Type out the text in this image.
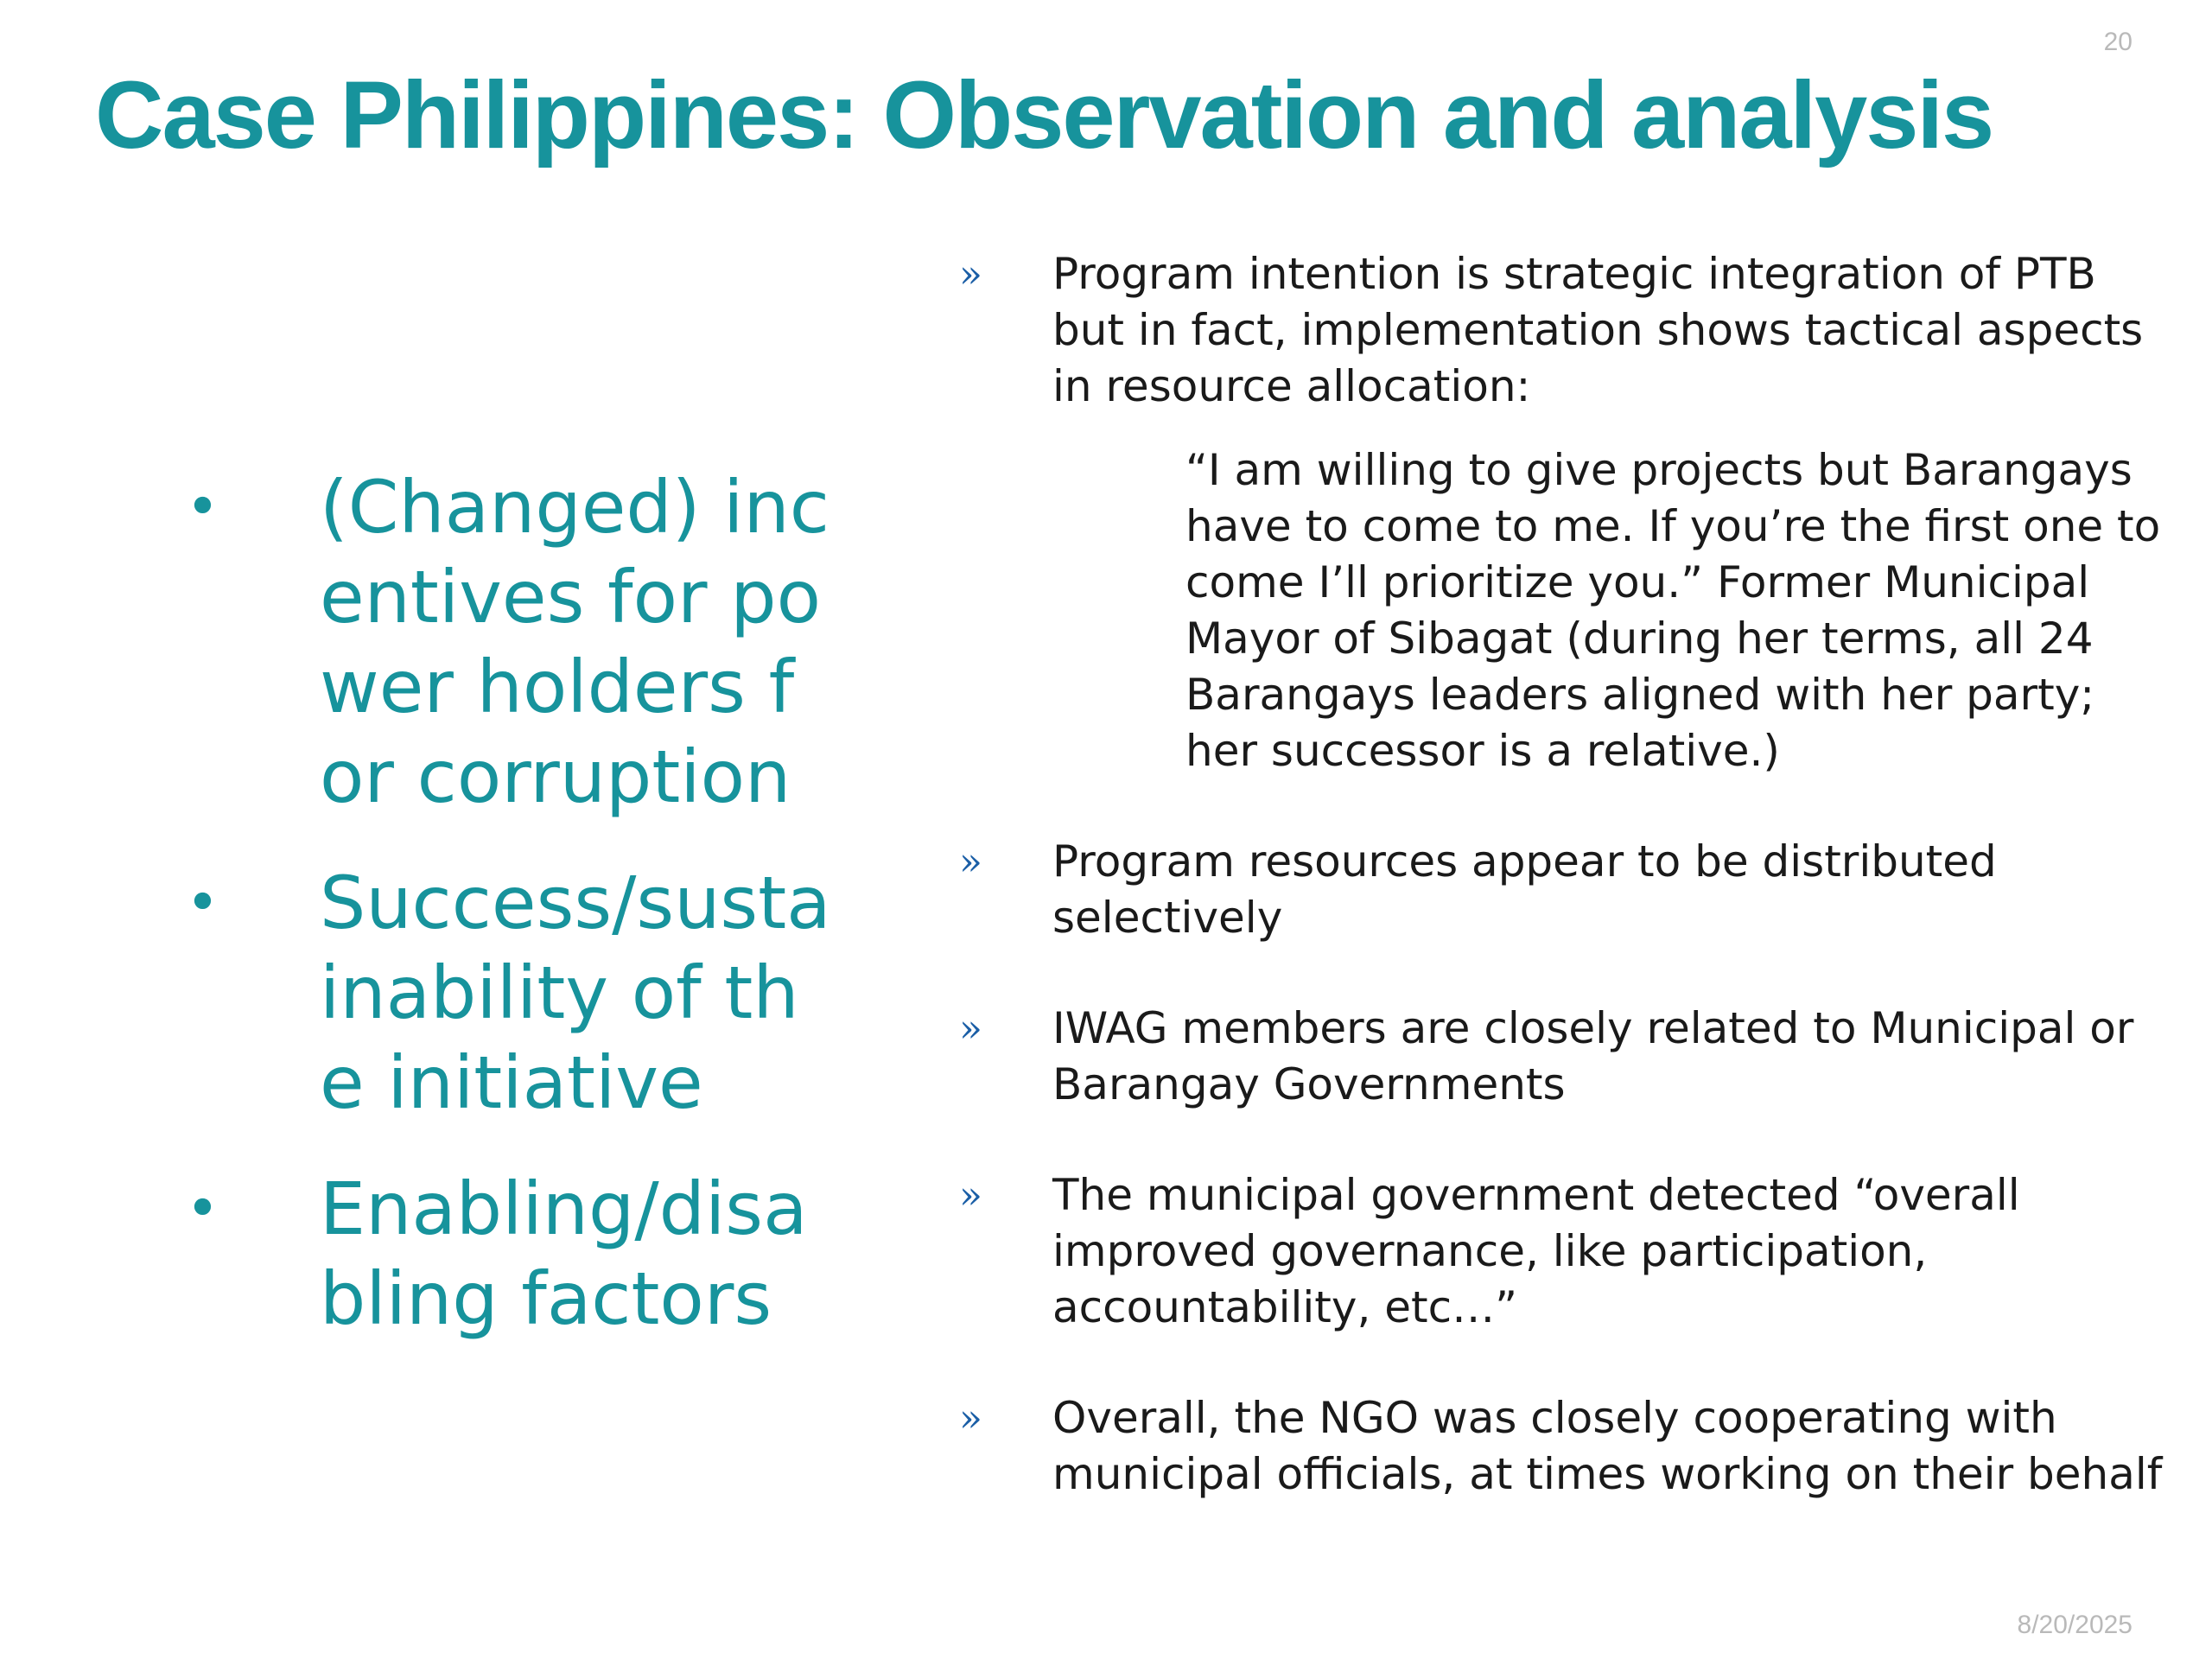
20
Case Philippines: Observation and analysis
•	(Changed) incentives for power holders for corruption
•	Success/sustainability of the initiative
•	Enabling/disabling factors
»	Program intention is strategic integration of PTB but in fact, implementation shows tactical aspects in resource allocation:
“I am willing to give projects but Barangays have to come to me. If you’re the first one to come I’ll prioritize you.” Former Municipal Mayor of Sibagat (during her terms, all 24 Barangays leaders aligned with her party; her successor is a relative.)
»	Program resources appear to be distributed selectively
»	IWAG members are closely related to Municipal or Barangay Governments
»	The municipal government detected “overall improved governance, like participation, accountability, etc…”
»	Overall, the NGO was closely cooperating with municipal officials, at times working on their behalf
8/20/2025
